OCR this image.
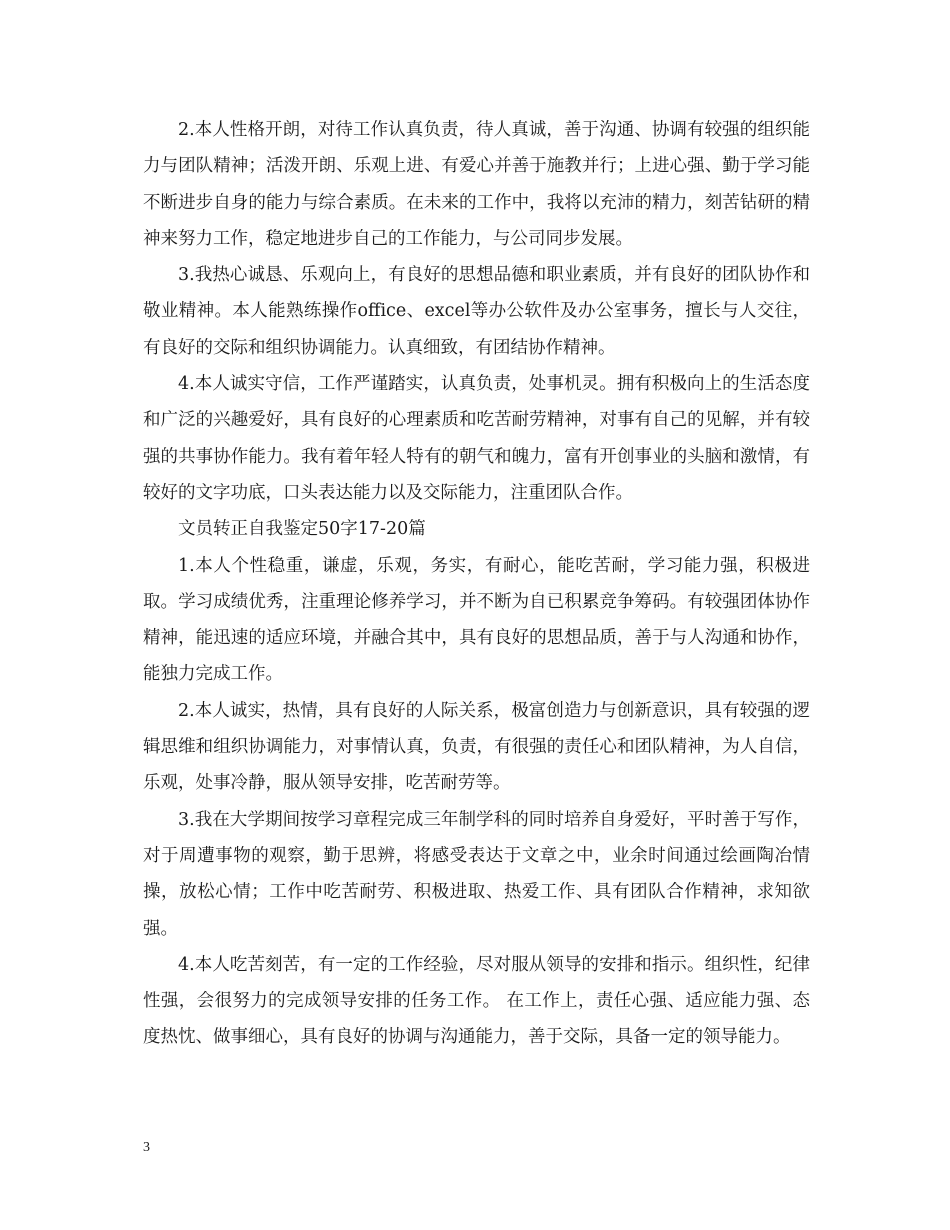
2.本人性格开朗，对待工作认真负责，待人真诚，善于沟通、协调有较强的组织能力与团队精神；活泼开朗、乐观上进、有爱心并善于施教并行；上进心强、勤于学习能不断进步自身的能力与综合素质。在未来的工作中，我将以充沛的精力，刻苦钻研的精神来努力工作，稳定地进步自己的工作能力，与公司同步发展。

3.我热心诚恳、乐观向上，有良好的思想品德和职业素质，并有良好的团队协作和敬业精神。本人能熟练操作office、excel等办公软件及办公室事务，擅长与人交往，有良好的交际和组织协调能力。认真细致，有团结协作精神。

4.本人诚实守信，工作严谨踏实，认真负责，处事机灵。拥有积极向上的生活态度和广泛的兴趣爱好，具有良好的心理素质和吃苦耐劳精神，对事有自己的见解，并有较强的共事协作能力。我有着年轻人特有的朝气和魄力，富有开创事业的头脑和激情，有较好的文字功底，口头表达能力以及交际能力，注重团队合作。

文员转正自我鉴定50字17-20篇

1.本人个性稳重，谦虚，乐观，务实，有耐心，能吃苦耐，学习能力强，积极进取。学习成绩优秀，注重理论修养学习，并不断为自已积累竞争筹码。有较强团体协作精神，能迅速的适应环境，并融合其中，具有良好的思想品质，善于与人沟通和协作，能独力完成工作。

2.本人诚实，热情，具有良好的人际关系，极富创造力与创新意识，具有较强的逻辑思维和组织协调能力，对事情认真，负责，有很强的责任心和团队精神，为人自信，乐观，处事冷静，服从领导安排，吃苦耐劳等。

3.我在大学期间按学习章程完成三年制学科的同时培养自身爱好，平时善于写作，对于周遭事物的观察，勤于思辨，将感受表达于文章之中，业余时间通过绘画陶冶情操，放松心情；工作中吃苦耐劳、积极进取、热爱工作、具有团队合作精神，求知欲强。

4.本人吃苦刻苦，有一定的工作经验，尽对服从领导的安排和指示。组织性，纪律性强，会很努力的完成领导安排的任务工作。 在工作上，责任心强、适应能力强、态度热忱、做事细心，具有良好的协调与沟通能力，善于交际，具备一定的领导能力。

3
